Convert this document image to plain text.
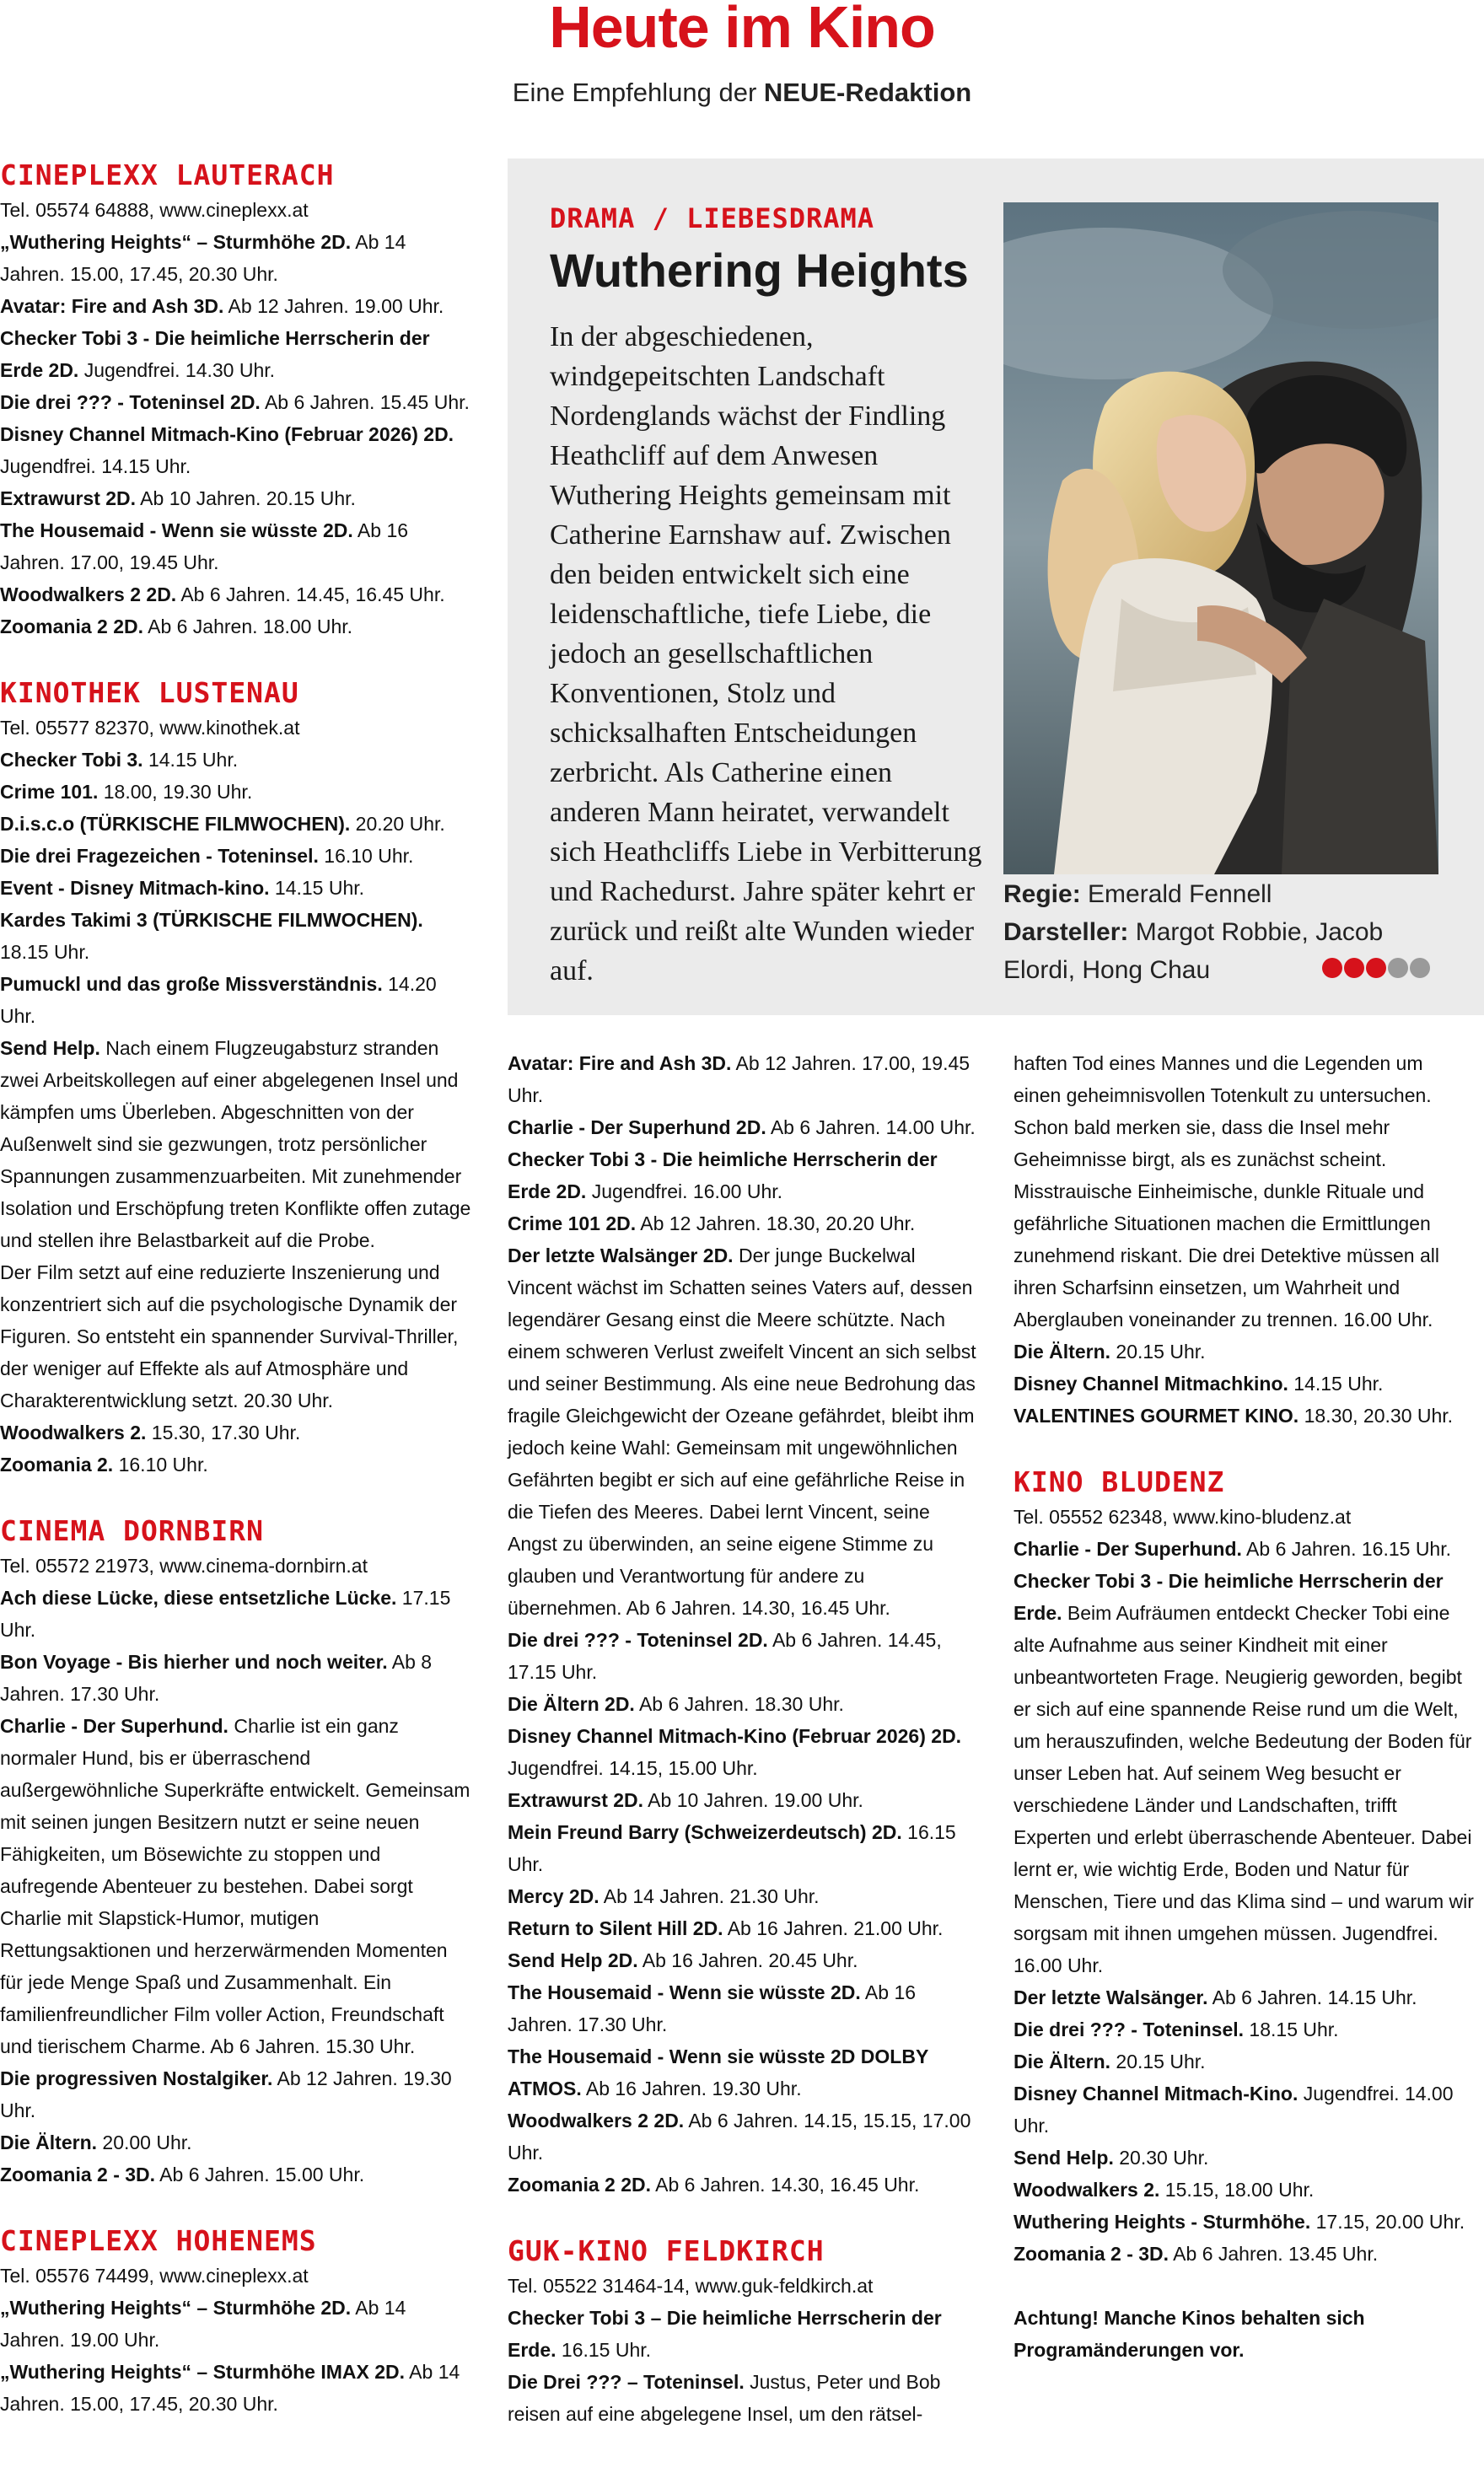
Heute im Kino
Eine Empfehlung der NEUE-Redaktion

CINEPLEXX LAUTERACH

Tel. 05574 64888, www.cineplexx.at

„Wuthering Heights“ – Sturmhöhe 2D. Ab 14 Jahren. 15.00, 17.45, 20.30 Uhr.

Avatar: Fire and Ash 3D. Ab 12 Jahren. 19.00 Uhr.

Checker Tobi 3 - Die heimliche Herrscherin der Erde 2D. Jugendfrei. 14.30 Uhr.

Die drei ??? - Toteninsel 2D. Ab 6 Jahren. 15.45 Uhr.

Disney Channel Mitmach-Kino (Februar 2026) 2D. Jugendfrei. 14.15 Uhr.

Extrawurst 2D. Ab 10 Jahren. 20.15 Uhr.

The Housemaid - Wenn sie wüsste 2D. Ab 16 Jahren. 17.00, 19.45 Uhr.

Woodwalkers 2 2D. Ab 6 Jahren. 14.45, 16.45 Uhr.

Zoomania 2 2D. Ab 6 Jahren. 18.00 Uhr.

KINOTHEK LUSTENAU

Tel. 05577 82370, www.kinothek.at

Checker Tobi 3. 14.15 Uhr.

Crime 101. 18.00, 19.30 Uhr.

D.i.s.c.o (TÜRKISCHE FILMWOCHEN). 20.20 Uhr.

Die drei Fragezeichen - Toteninsel. 16.10 Uhr.

Event - Disney Mitmach-kino. 14.15 Uhr.

Kardes Takimi 3 (TÜRKISCHE FILMWOCHEN). 18.15 Uhr.

Pumuckl und das große Missverständnis. 14.20 Uhr.

Send Help. Nach einem Flugzeugabsturz stranden zwei Arbeitskollegen auf einer abgelegenen Insel und kämpfen ums Überleben. Abgeschnitten von der Außenwelt sind sie gezwungen, trotz persönlicher Spannungen zusammenzuarbeiten. Mit zunehmender Isolation und Erschöpfung treten Konflikte offen zutage und stellen ihre Belastbarkeit auf die Probe.

Der Film setzt auf eine reduzierte Inszenierung und konzentriert sich auf die psychologische Dynamik der Figuren. So entsteht ein spannender Survival-Thriller, der weniger auf Effekte als auf Atmosphäre und Charakterentwicklung setzt. 20.30 Uhr.

Woodwalkers 2. 15.30, 17.30 Uhr.

Zoomania 2. 16.10 Uhr.

CINEMA DORNBIRN

Tel. 05572 21973, www.cinema-dornbirn.at

Ach diese Lücke, diese entsetzliche Lücke. 17.15 Uhr.

Bon Voyage - Bis hierher und noch weiter. Ab 8 Jahren. 17.30 Uhr.

Charlie - Der Superhund. Charlie ist ein ganz normaler Hund, bis er überraschend außergewöhnliche Superkräfte entwickelt. Gemeinsam mit seinen jungen Besitzern nutzt er seine neuen Fähigkeiten, um Bösewichte zu stoppen und aufregende Abenteuer zu bestehen. Dabei sorgt Charlie mit Slapstick-Humor, mutigen Rettungsaktionen und herzerwärmenden Momenten für jede Menge Spaß und Zusammenhalt. Ein familienfreundlicher Film voller Action, Freundschaft und tierischem Charme. Ab 6 Jahren. 15.30 Uhr.

Die progressiven Nostalgiker. Ab 12 Jahren. 19.30 Uhr.

Die Ältern. 20.00 Uhr.

Zoomania 2 - 3D. Ab 6 Jahren. 15.00 Uhr.

CINEPLEXX HOHENEMS

Tel. 05576 74499, www.cineplexx.at

„Wuthering Heights“ – Sturmhöhe 2D. Ab 14 Jahren. 19.00 Uhr.

„Wuthering Heights“ – Sturmhöhe IMAX 2D. Ab 14 Jahren. 15.00, 17.45, 20.30 Uhr.

DRAMA / LIEBESDRAMA
Wuthering Heights
In der abgeschiedenen, windgepeitschten Landschaft Nordenglands wächst der Findling Heathcliff auf dem Anwesen Wuthering Heights gemeinsam mit Catherine Earnshaw auf. Zwischen den beiden entwickelt sich eine leidenschaftliche, tiefe Liebe, die jedoch an gesellschaftlichen Konventionen, Stolz und schicksalhaften Entscheidungen zerbricht. Als Catherine einen anderen Mann heiratet, verwandelt sich Heathcliffs Liebe in Verbitterung und Rachedurst. Jahre später kehrt er zurück und reißt alte Wunden wieder auf.
Regie: Emerald Fennell
Darsteller: Margot Robbie, Jacob Elordi, Hong Chau

Avatar: Fire and Ash 3D. Ab 12 Jahren. 17.00, 19.45 Uhr.

Charlie - Der Superhund 2D. Ab 6 Jahren. 14.00 Uhr.

Checker Tobi 3 - Die heimliche Herrscherin der Erde 2D. Jugendfrei. 16.00 Uhr.

Crime 101 2D. Ab 12 Jahren. 18.30, 20.20 Uhr.

Der letzte Walsänger 2D. Der junge Buckelwal Vincent wächst im Schatten seines Vaters auf, dessen legendärer Gesang einst die Meere schützte. Nach einem schweren Verlust zweifelt Vincent an sich selbst und seiner Bestimmung. Als eine neue Bedrohung das fragile Gleichgewicht der Ozeane gefährdet, bleibt ihm jedoch keine Wahl: Gemeinsam mit ungewöhnlichen Gefährten begibt er sich auf eine gefährliche Reise in die Tiefen des Meeres. Dabei lernt Vincent, seine Angst zu überwinden, an seine eigene Stimme zu glauben und Verantwortung für andere zu übernehmen. Ab 6 Jahren. 14.30, 16.45 Uhr.

Die drei ??? - Toteninsel 2D. Ab 6 Jahren. 14.45, 17.15 Uhr.

Die Ältern 2D. Ab 6 Jahren. 18.30 Uhr.

Disney Channel Mitmach-Kino (Februar 2026) 2D. Jugendfrei. 14.15, 15.00 Uhr.

Extrawurst 2D. Ab 10 Jahren. 19.00 Uhr.

Mein Freund Barry (Schweizerdeutsch) 2D. 16.15 Uhr.

Mercy 2D. Ab 14 Jahren. 21.30 Uhr.

Return to Silent Hill 2D. Ab 16 Jahren. 21.00 Uhr.

Send Help 2D. Ab 16 Jahren. 20.45 Uhr.

The Housemaid - Wenn sie wüsste 2D. Ab 16 Jahren. 17.30 Uhr.

The Housemaid - Wenn sie wüsste 2D DOLBY ATMOS. Ab 16 Jahren. 19.30 Uhr.

Woodwalkers 2 2D. Ab 6 Jahren. 14.15, 15.15, 17.00 Uhr.

Zoomania 2 2D. Ab 6 Jahren. 14.30, 16.45 Uhr.

GUK-KINO FELDKIRCH

Tel. 05522 31464-14, www.guk-feldkirch.at

Checker Tobi 3 – Die heimliche Herrscherin der Erde. 16.15 Uhr.

Die Drei ??? – Toteninsel. Justus, Peter und Bob reisen auf eine abgelegene Insel, um den rätsel-

haften Tod eines Mannes und die Legenden um einen geheimnisvollen Totenkult zu untersuchen. Schon bald merken sie, dass die Insel mehr Geheimnisse birgt, als es zunächst scheint. Misstrauische Einheimische, dunkle Rituale und gefährliche Situationen machen die Ermittlungen zunehmend riskant. Die drei Detektive müssen all ihren Scharfsinn einsetzen, um Wahrheit und Aberglauben voneinander zu trennen. 16.00 Uhr.

Die Ältern. 20.15 Uhr.

Disney Channel Mitmachkino. 14.15 Uhr.

VALENTINES GOURMET KINO. 18.30, 20.30 Uhr.

KINO BLUDENZ

Tel. 05552 62348, www.kino-bludenz.at

Charlie - Der Superhund. Ab 6 Jahren. 16.15 Uhr.

Checker Tobi 3 - Die heimliche Herrscherin der Erde. Beim Aufräumen entdeckt Checker Tobi eine alte Aufnahme aus seiner Kindheit mit einer unbeantworteten Frage. Neugierig geworden, begibt er sich auf eine spannende Reise rund um die Welt, um herauszufinden, welche Bedeutung der Boden für unser Leben hat. Auf seinem Weg besucht er verschiedene Länder und Landschaften, trifft Experten und erlebt überraschende Abenteuer. Dabei lernt er, wie wichtig Erde, Boden und Natur für Menschen, Tiere und das Klima sind – und warum wir sorgsam mit ihnen umgehen müssen. Jugendfrei. 16.00 Uhr.

Der letzte Walsänger. Ab 6 Jahren. 14.15 Uhr.

Die drei ??? - Toteninsel. 18.15 Uhr.

Die Ältern. 20.15 Uhr.

Disney Channel Mitmach-Kino. Jugendfrei. 14.00 Uhr.

Send Help. 20.30 Uhr.

Woodwalkers 2. 15.15, 18.00 Uhr.

Wuthering Heights - Sturmhöhe. 17.15, 20.00 Uhr.

Zoomania 2 - 3D. Ab 6 Jahren. 13.45 Uhr.

Achtung! Manche Kinos behalten sich Programänderungen vor.
